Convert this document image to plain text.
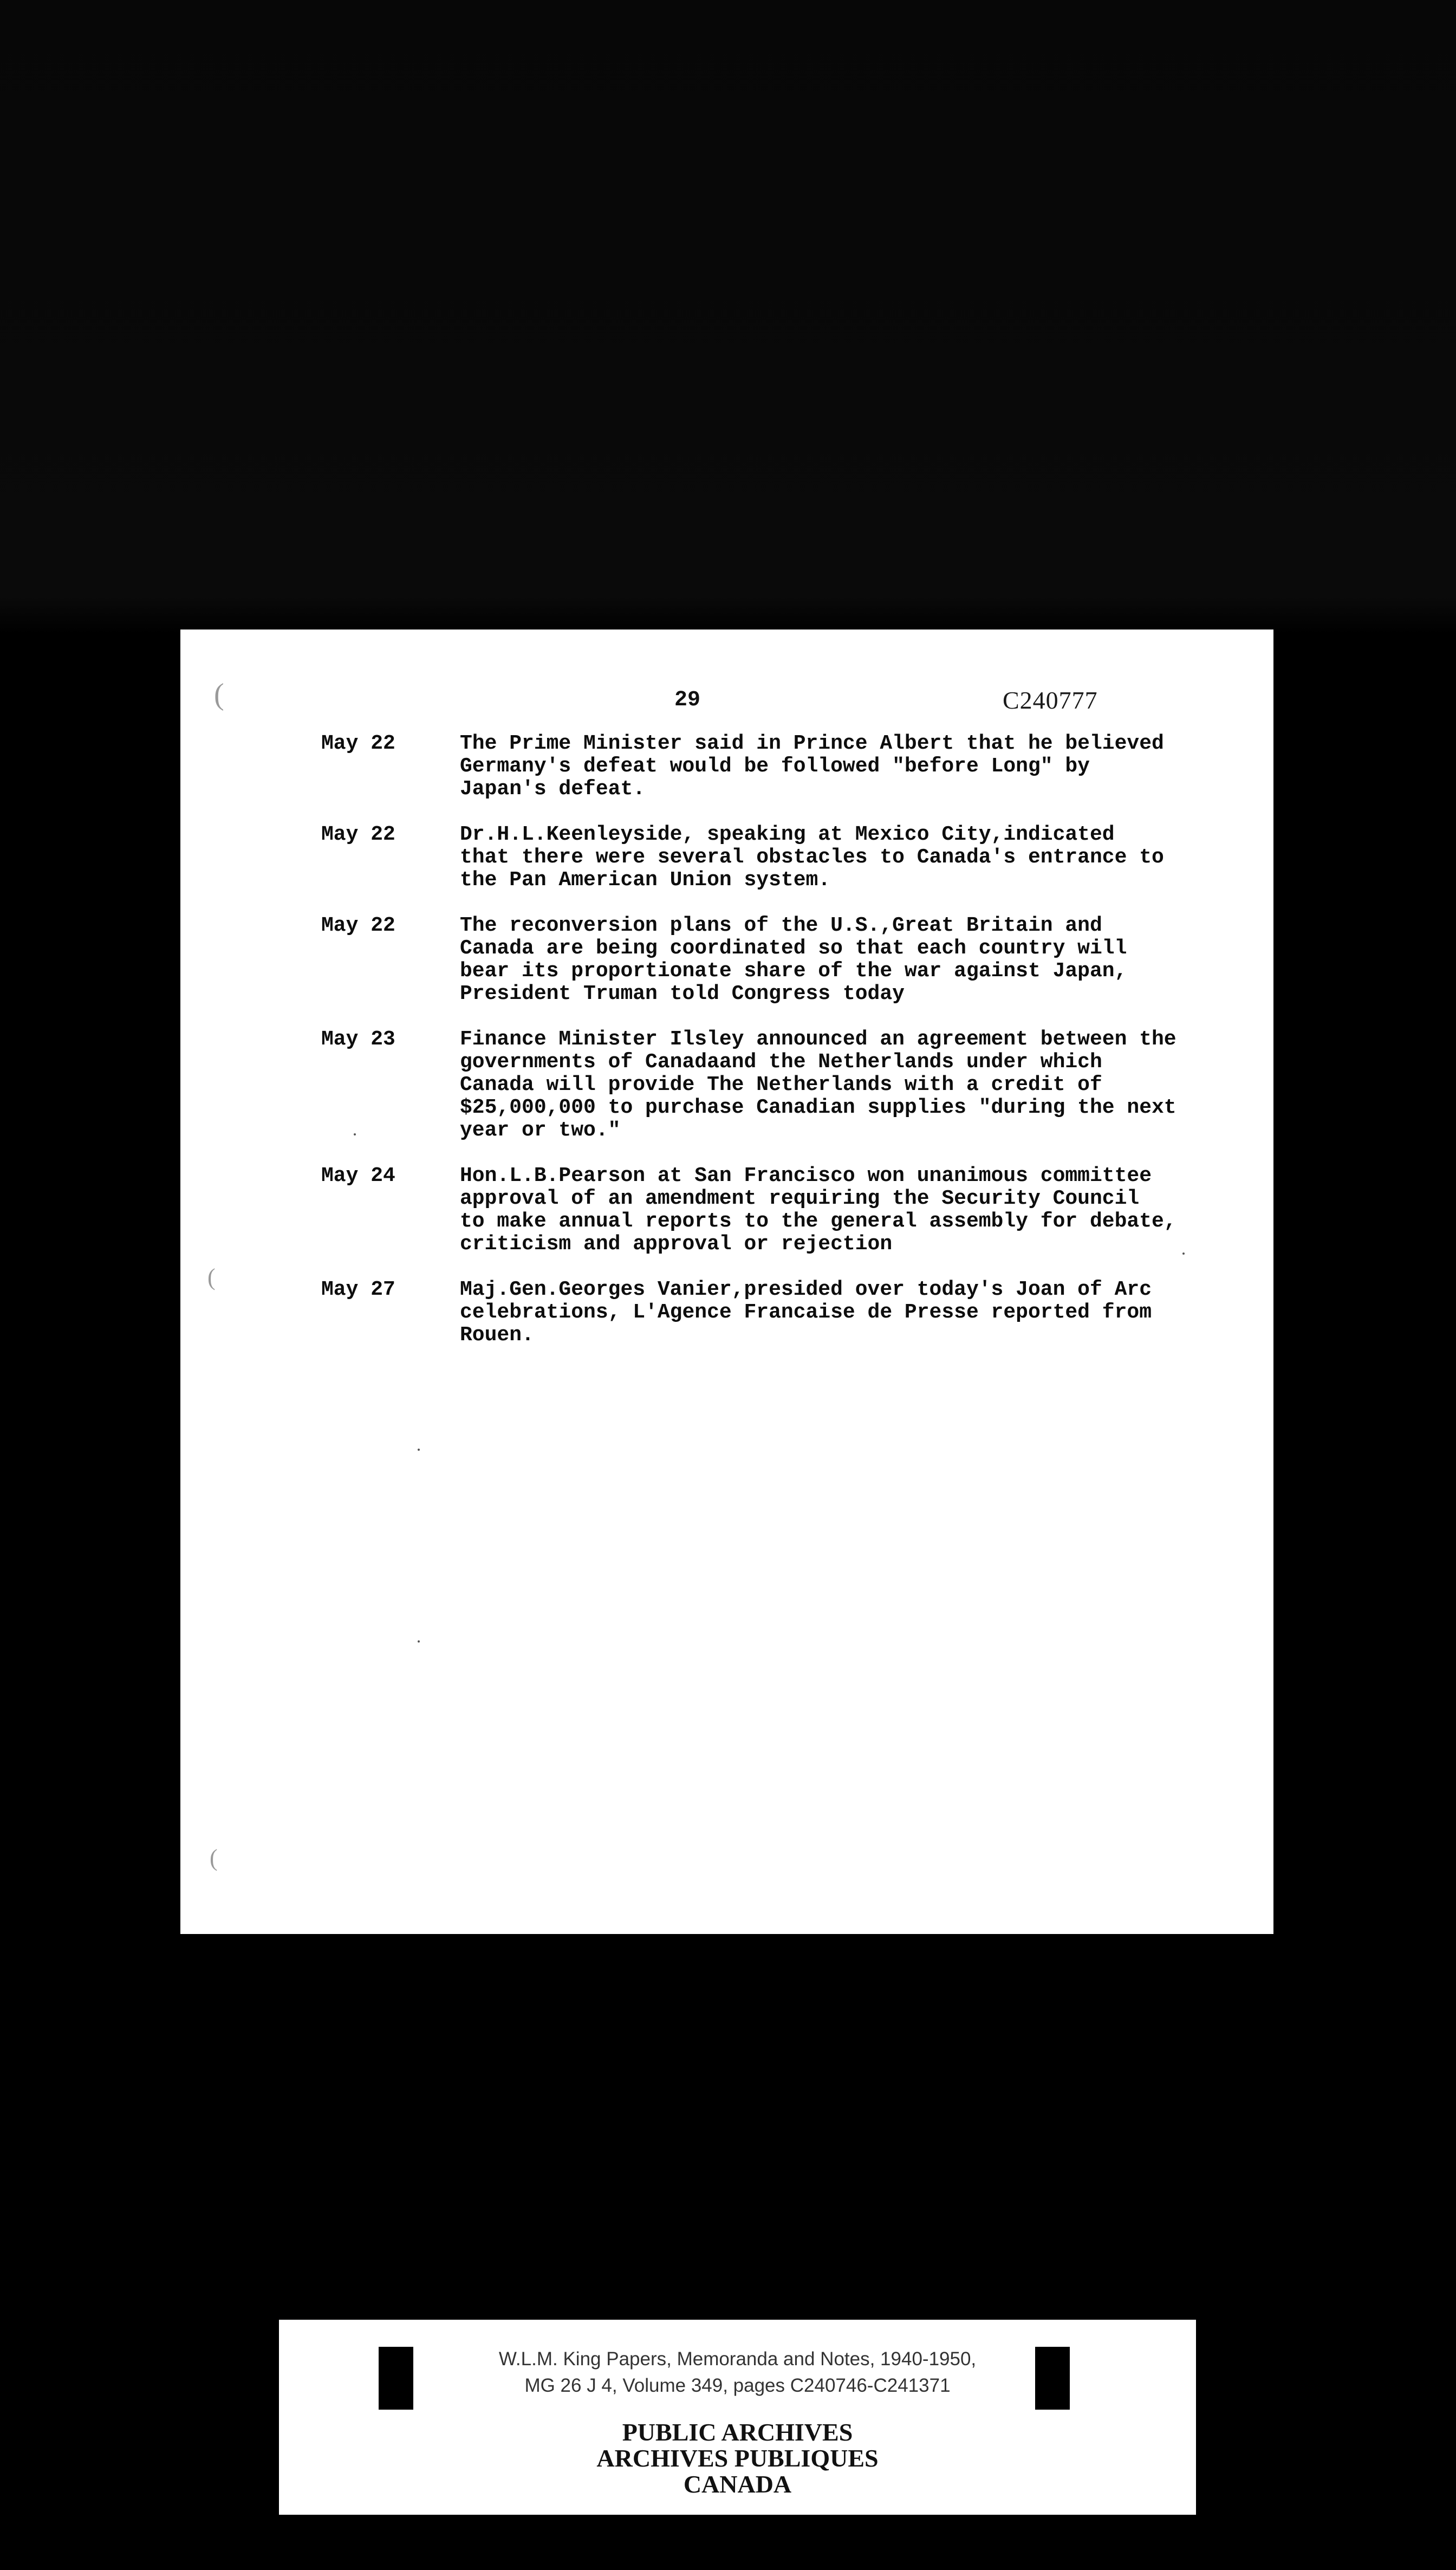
(
(
(

29	C240777

May 22	The Prime Minister said in Prince Albert that he believed
Germany's defeat would be followed "before Long" by
Japan's defeat.
May 22	Dr.H.L.Keenleyside, speaking at Mexico City,indicated
that there were several obstacles to Canada's entrance to
the Pan American Union system.
May 22	The reconversion plans of the U.S.,Great Britain and
Canada are being coordinated so that each country will
bear its proportionate share of the war against Japan,
President Truman told Congress today
May 23	Finance Minister Ilsley announced an agreement between the
governments of Canadaand the Netherlands under which
Canada will provide The Netherlands with a credit of
$25,000,000 to purchase Canadian supplies "during the next
year or two."
May 24	Hon.L.B.Pearson at San Francisco won unanimous committee
approval of an amendment requiring the Security Council
to make annual reports to the general assembly for debate,
criticism and approval or rejection
May 27	Maj.Gen.Georges Vanier,presided over today's Joan of Arc
celebrations, L'Agence Francaise de Presse reported from
Rouen.
W.L.M. King Papers, Memoranda and Notes, 1940-1950,
MG 26 J 4, Volume 349, pages C240746-C241371
PUBLIC ARCHIVES
ARCHIVES PUBLIQUES
CANADA
